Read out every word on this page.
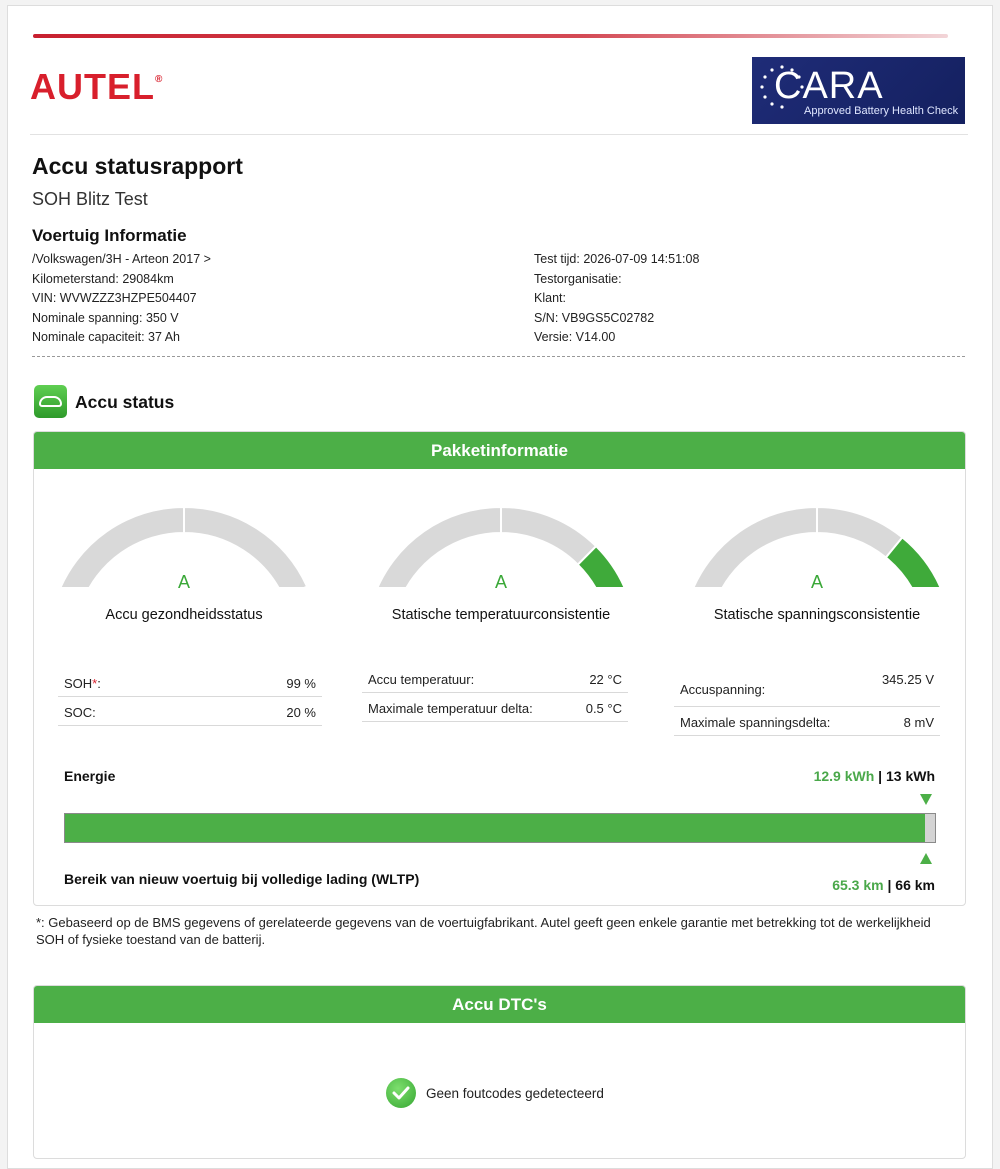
AUTEL®	CARA
Approved Battery Health Check
Accu statusrapport
SOH Blitz Test
Voertuig Informatie
/Volkswagen/3H - Arteon 2017 >
Kilometerstand: 29084km
VIN: WVWZZZ3HZPE504407
Nominale spanning: 350 V
Nominale capaciteit: 37 Ah
Test tijd: 2026-07-09 14:51:08
Testorganisatie:
Klant:
S/N: VB9GS5C02782
Versie: V14.00
Accu status
Pakketinformatie
A
Accu gezondheidsstatus
A
Statische temperatuurconsistentie
A
Statische spanningsconsistentie
SOH*:	99 %
SOC:	20 %
Accu temperatuur:	22 °C
Maximale temperatuur delta:	0.5 °C
Accuspanning:
345.25 V
Maximale spanningsdelta:	8 mV
Energie	12.9 kWh | 13 kWh
Bereik van nieuw voertuig bij volledige lading (WLTP)	65.3 km | 66 km
*: Gebaseerd op de BMS gegevens of gerelateerde gegevens van de voertuigfabrikant. Autel geeft geen enkele garantie met betrekking tot de werkelijkheid SOH of fysieke toestand van de batterij.
Accu DTC's
Geen foutcodes gedetecteerd
